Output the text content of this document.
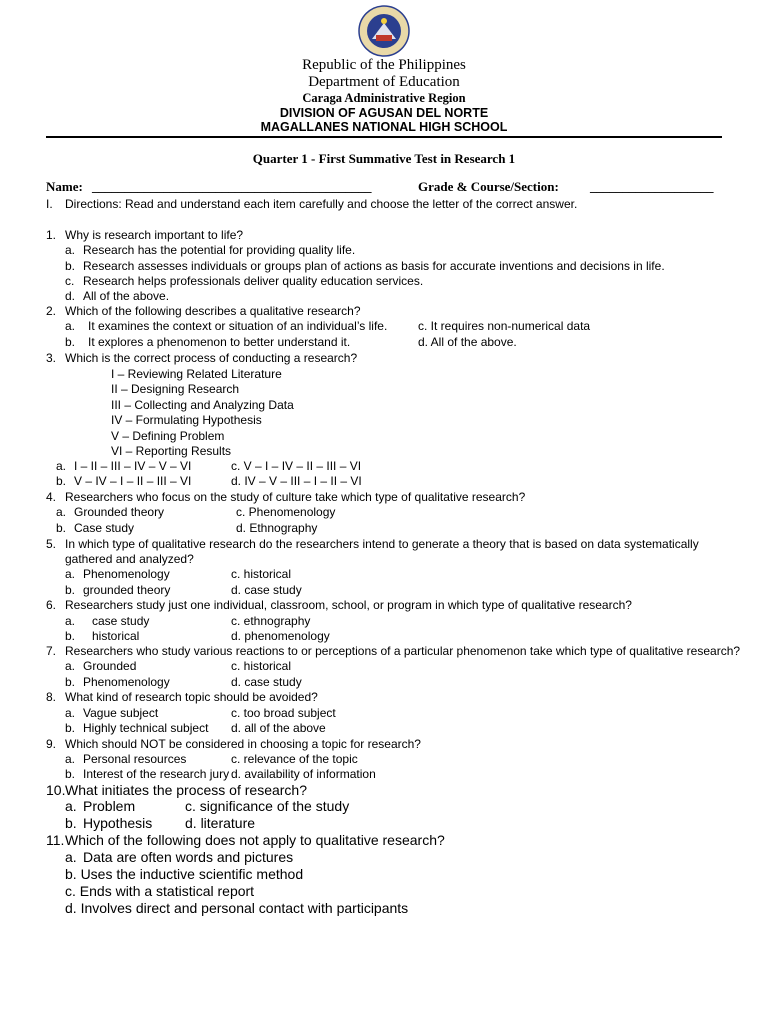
Republic of the Philippines
Department of Education
Caraga Administrative Region
DIVISION OF AGUSAN DEL NORTE
MAGALLANES NATIONAL HIGH SCHOOL
Quarter 1 - First Summative Test in Research 1
Name: ___________________________________________	Grade & Course/Section: ___________________
I. Directions: Read and understand each item carefully and choose the letter of the correct answer.
1. Why is research important to life?
a. Research has the potential for providing quality life.
b. Research assesses individuals or groups plan of actions as basis for accurate inventions and decisions in life.
c. Research helps professionals deliver quality education services.
d. All of the above.
2. Which of the following describes a qualitative research?
a. It examines the context or situation of an individual’s life.	c. It requires non-numerical data
b. It explores a phenomenon to better understand it.	d. All of the above.
3. Which is the correct process of conducting a research?
I – Reviewing Related Literature
II – Designing Research
III – Collecting and Analyzing Data
IV – Formulating Hypothesis
V – Defining Problem
VI – Reporting Results
a. I – II – III – IV – V – VI	c. V – I – IV – II – III – VI
b. V – IV – I – II – III – VI	d. IV – V – III – I – II – VI
4. Researchers who focus on the study of culture take which type of qualitative research?
a. Grounded theory	c. Phenomenology
b. Case study	d. Ethnography
5. In which type of qualitative research do the researchers intend to generate a theory that is based on data systematically
gathered and analyzed?
a. Phenomenology	c. historical
b. grounded theory	d. case study
6. Researchers study just one individual, classroom, school, or program in which type of qualitative research?
a. case study	c. ethnography
b. historical	d. phenomenology
7. Researchers who study various reactions to or perceptions of a particular phenomenon take which type of qualitative research?
a. Grounded	c. historical
b. Phenomenology	d. case study
8. What kind of research topic should be avoided?
a. Vague subject	c. too broad subject
b. Highly technical subject d. all of the above
9. Which should NOT be considered in choosing a topic for research?
a. Personal resources	c. relevance of the topic
b. Interest of the research jury d. availability of information
10. What initiates the process of research?
a. Problem	c. significance of the study
b. Hypothesis d. literature
11. Which of the following does not apply to qualitative research?
a. Data are often words and pictures
b. Uses the inductive scientific method
c. Ends with a statistical report
d. Involves direct and personal contact with participants
